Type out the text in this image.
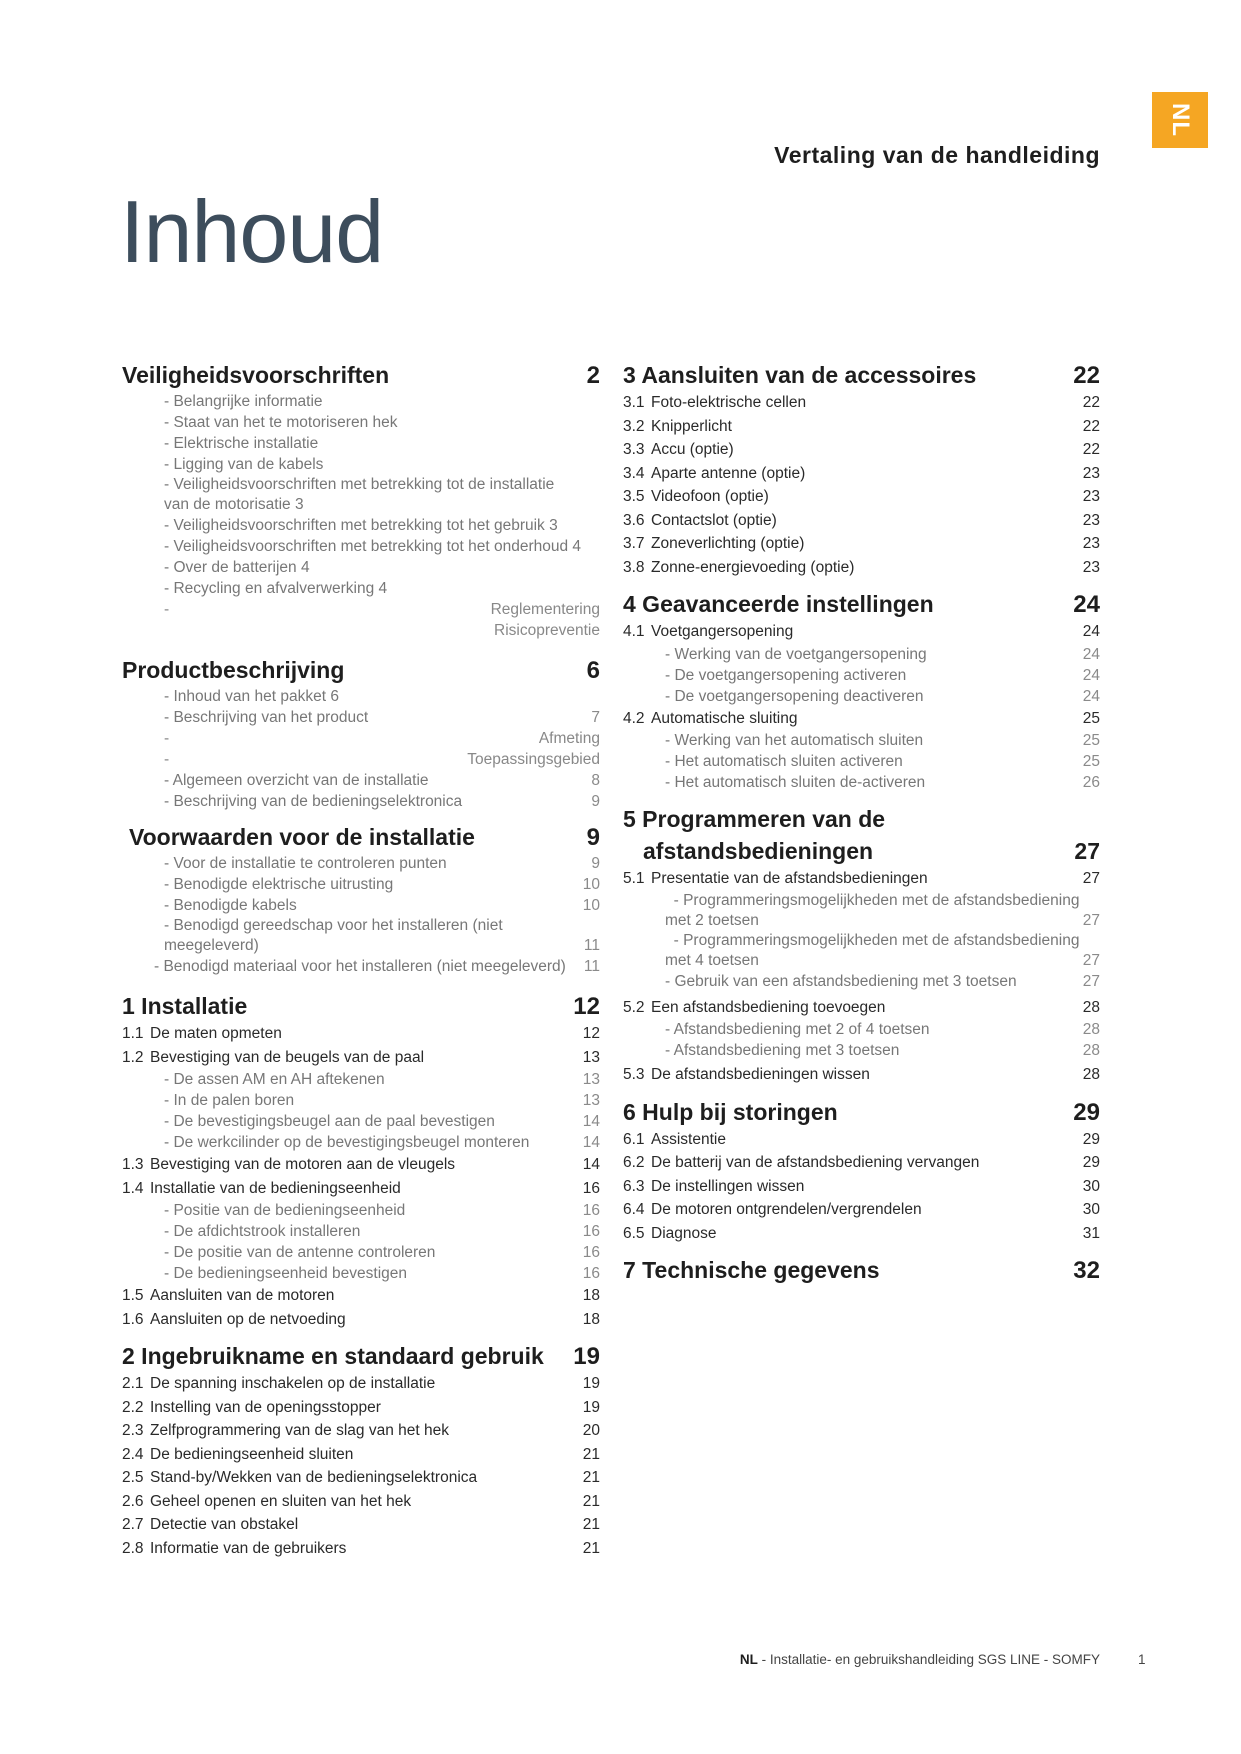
NL
Vertaling van de handleiding
Inhoud
Veiligheidsvoorschriften	2
- Belangrijke informatie
- Staat van het te motoriseren hek
- Elektrische installatie
- Ligging van de kabels
- Veiligheidsvoorschriften met betrekking tot de installatie
van de motorisatie 3
- Veiligheidsvoorschriften met betrekking tot het gebruik 3
- Veiligheidsvoorschriften met betrekking tot het onderhoud 4
- Over de batterijen 4
- Recycling en afvalverwerking 4
-	Reglementering
Risicopreventie
Productbeschrijving	6
- Inhoud van het pakket 6
- Beschrijving van het product	7
-	Afmeting
-	Toepassingsgebied
- Algemeen overzicht van de installatie	8
- Beschrijving van de bedieningselektronica	9
Voorwaarden voor de installatie	9
- Voor de installatie te controleren punten	9
- Benodigde elektrische uitrusting	10
- Benodigde kabels	10
- Benodigd gereedschap voor het installeren (niet
meegeleverd)	11
- Benodigd materiaal voor het installeren (niet meegeleverd) 11
1 Installatie	12
1.1 De maten opmeten	12
1.2 Bevestiging van de beugels van de paal	13
- De assen AM en AH aftekenen	13
- In de palen boren	13
- De bevestigingsbeugel aan de paal bevestigen	14
- De werkcilinder op de bevestigingsbeugel monteren	14
1.3 Bevestiging van de motoren aan de vleugels	14
1.4 Installatie van de bedieningseenheid	16
- Positie van de bedieningseenheid	16
- De afdichtstrook installeren	16
- De positie van de antenne controleren	16
- De bedieningseenheid bevestigen	16
1.5 Aansluiten van de motoren	18
1.6 Aansluiten op de netvoeding	18
2 Ingebruikname en standaard gebruik 19
2.1 De spanning inschakelen op de installatie	19
2.2 Instelling van de openingsstopper	19
2.3 Zelfprogrammering van de slag van het hek	20
2.4 De bedieningseenheid sluiten	21
2.5 Stand-by/Wekken van de bedieningselektronica	21
2.6 Geheel openen en sluiten van het hek	21
2.7 Detectie van obstakel	21
2.8 Informatie van de gebruikers	21
3 Aansluiten van de accessoires	22
3.1 Foto-elektrische cellen	22
3.2 Knipperlicht	22
3.3 Accu (optie)	22
3.4 Aparte antenne (optie)	23
3.5 Videofoon (optie)	23
3.6 Contactslot (optie)	23
3.7 Zoneverlichting (optie)	23
3.8 Zonne-energievoeding (optie)	23
4 Geavanceerde instellingen	24
4.1 Voetgangersopening	24
- Werking van de voetgangersopening	24
- De voetgangersopening activeren	24
- De voetgangersopening deactiveren	24
4.2 Automatische sluiting	25
- Werking van het automatisch sluiten	25
- Het automatisch sluiten activeren	25
- Het automatisch sluiten de-activeren	26
5 Programmeren van de
afstandsbedieningen	27
5.1 Presentatie van de afstandsbedieningen	27
- Programmeringsmogelijkheden met de afstandsbediening
met 2 toetsen	27
- Programmeringsmogelijkheden met de afstandsbediening
met 4 toetsen	27
- Gebruik van een afstandsbediening met 3 toetsen	27
5.2 Een afstandsbediening toevoegen	28
- Afstandsbediening met 2 of 4 toetsen	28
- Afstandsbediening met 3 toetsen	28
5.3 De afstandsbedieningen wissen	28
6 Hulp bij storingen	29
6.1 Assistentie	29
6.2 De batterij van de afstandsbediening vervangen	29
6.3 De instellingen wissen	30
6.4 De motoren ontgrendelen/vergrendelen	30
6.5 Diagnose	31
7 Technische gegevens	32
NL - Installatie- en gebruikshandleiding SGS LINE - SOMFY	1
